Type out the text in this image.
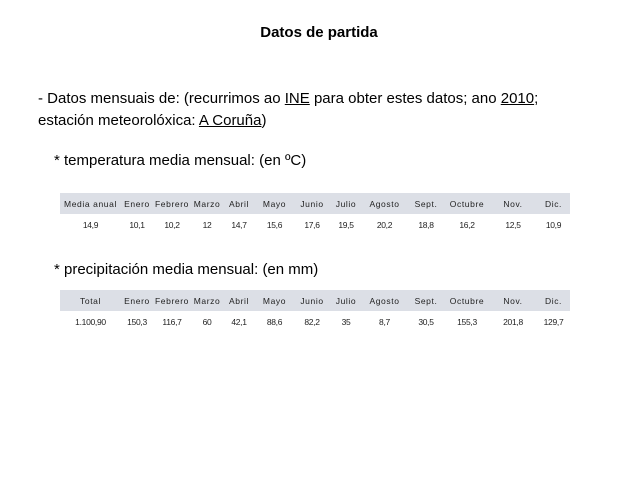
Datos de partida
- Datos mensuais de: (recurrimos ao INE para obter estes datos; ano 2010;
estación meteorolóxica: A Coruña)
* temperatura media mensual: (en ºC)
Media anual	Enero	Febrero	Marzo	Abril	Mayo	Junio	Julio	Agosto	Sept.	Octubre	Nov.	Dic.
14,9	10,1	10,2	12	14,7	15,6	17,6	19,5	20,2	18,8	16,2	12,5	10,9
* precipitación media mensual: (en mm)
Total	Enero	Febrero	Marzo	Abril	Mayo	Junio	Julio	Agosto	Sept.	Octubre	Nov.	Dic.
1.100,90	150,3	116,7	60	42,1	88,6	82,2	35	8,7	30,5	155,3	201,8	129,7
